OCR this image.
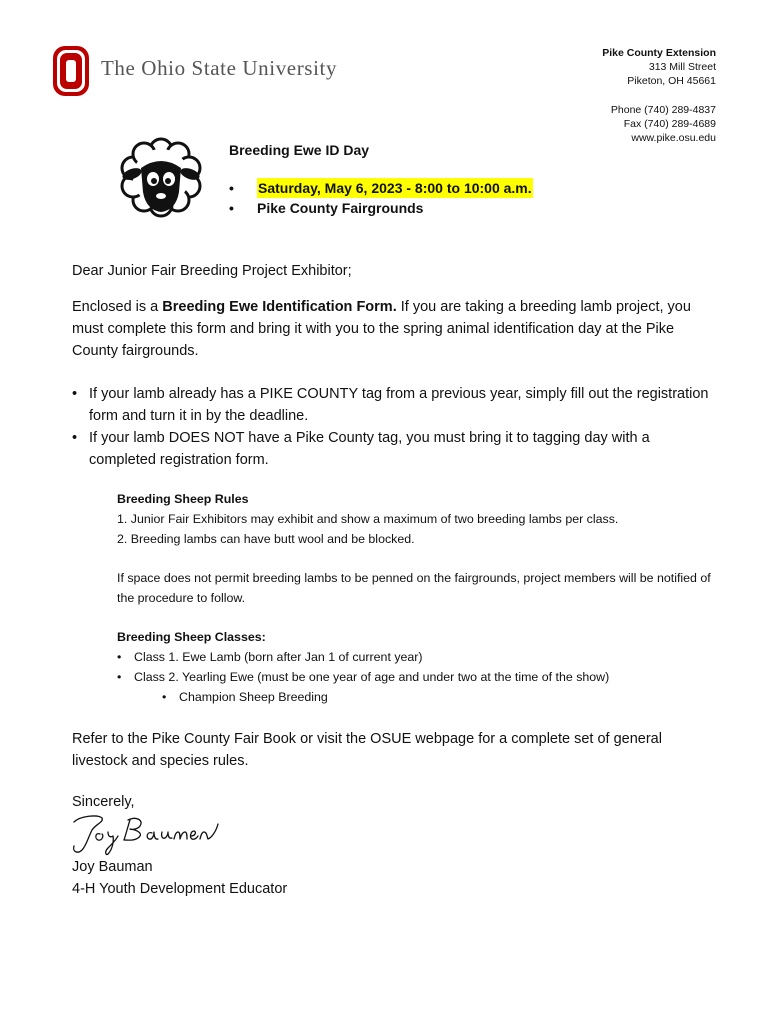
The Ohio State University
Pike County Extension
313 Mill Street
Piketon, OH 45661
Phone (740) 289-4837
Fax (740) 289-4689
www.pike.osu.edu
Breeding Ewe ID Day
• Saturday, May 6, 2023 - 8:00 to 10:00 a.m.
• Pike County Fairgrounds
Dear Junior Fair Breeding Project Exhibitor;
Enclosed is a Breeding Ewe Identification Form. If you are taking a breeding lamb project, you must complete this form and bring it with you to the spring animal identification day at the Pike County fairgrounds.
• If your lamb already has a PIKE COUNTY tag from a previous year, simply fill out the registration form and turn it in by the deadline.
• If your lamb DOES NOT have a Pike County tag, you must bring it to tagging day with a completed registration form.
Breeding Sheep Rules
1. Junior Fair Exhibitors may exhibit and show a maximum of two breeding lambs per class.
2. Breeding lambs can have butt wool and be blocked.
If space does not permit breeding lambs to be penned on the fairgrounds, project members will be notified of the procedure to follow.
Breeding Sheep Classes:
• Class 1. Ewe Lamb (born after Jan 1 of current year)
• Class 2. Yearling Ewe (must be one year of age and under two at the time of the show)
• Champion Sheep Breeding
Refer to the Pike County Fair Book or visit the OSUE webpage for a complete set of general livestock and species rules.
Sincerely,
Joy Bauman
4-H Youth Development Educator
